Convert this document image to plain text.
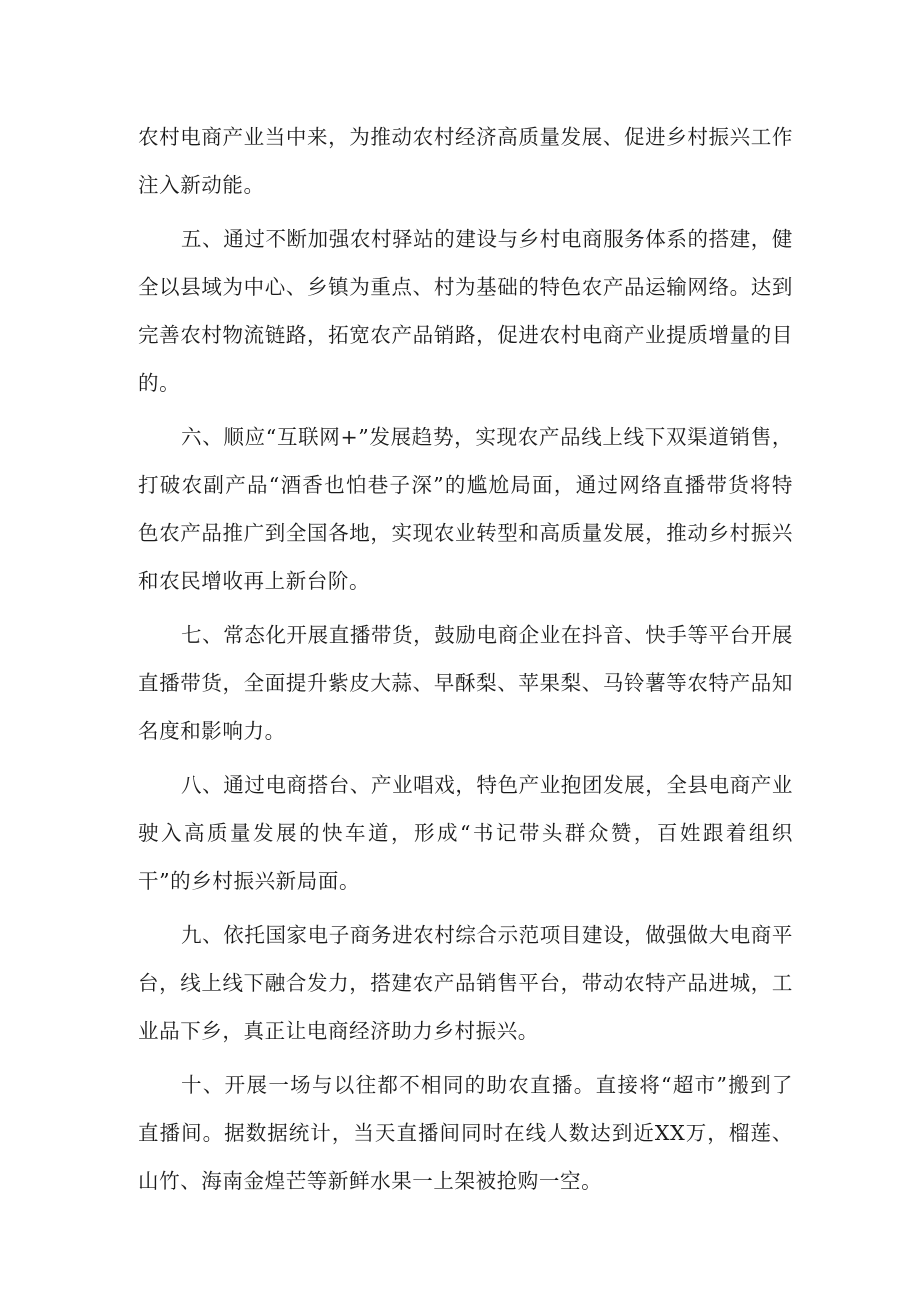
农村电商产业当中来，为推动农村经济高质量发展、促进乡村振兴工作注入新动能。

五、通过不断加强农村驿站的建设与乡村电商服务体系的搭建，健全以县域为中心、乡镇为重点、村为基础的特色农产品运输网络。达到完善农村物流链路，拓宽农产品销路，促进农村电商产业提质增量的目的。

六、顺应“互联网+”发展趋势，实现农产品线上线下双渠道销售，打破农副产品“酒香也怕巷子深”的尴尬局面，通过网络直播带货将特色农产品推广到全国各地，实现农业转型和高质量发展，推动乡村振兴和农民增收再上新台阶。

七、常态化开展直播带货，鼓励电商企业在抖音、快手等平台开展直播带货，全面提升紫皮大蒜、早酥梨、苹果梨、马铃薯等农特产品知名度和影响力。

八、通过电商搭台、产业唱戏，特色产业抱团发展，全县电商产业驶入高质量发展的快车道，形成“书记带头群众赞，百姓跟着组织干”的乡村振兴新局面。

九、依托国家电子商务进农村综合示范项目建设，做强做大电商平台，线上线下融合发力，搭建农产品销售平台，带动农特产品进城，工业品下乡，真正让电商经济助力乡村振兴。

十、开展一场与以往都不相同的助农直播。直接将“超市”搬到了直播间。据数据统计，当天直播间同时在线人数达到近XX万，榴莲、山竹、海南金煌芒等新鲜水果一上架被抢购一空。
